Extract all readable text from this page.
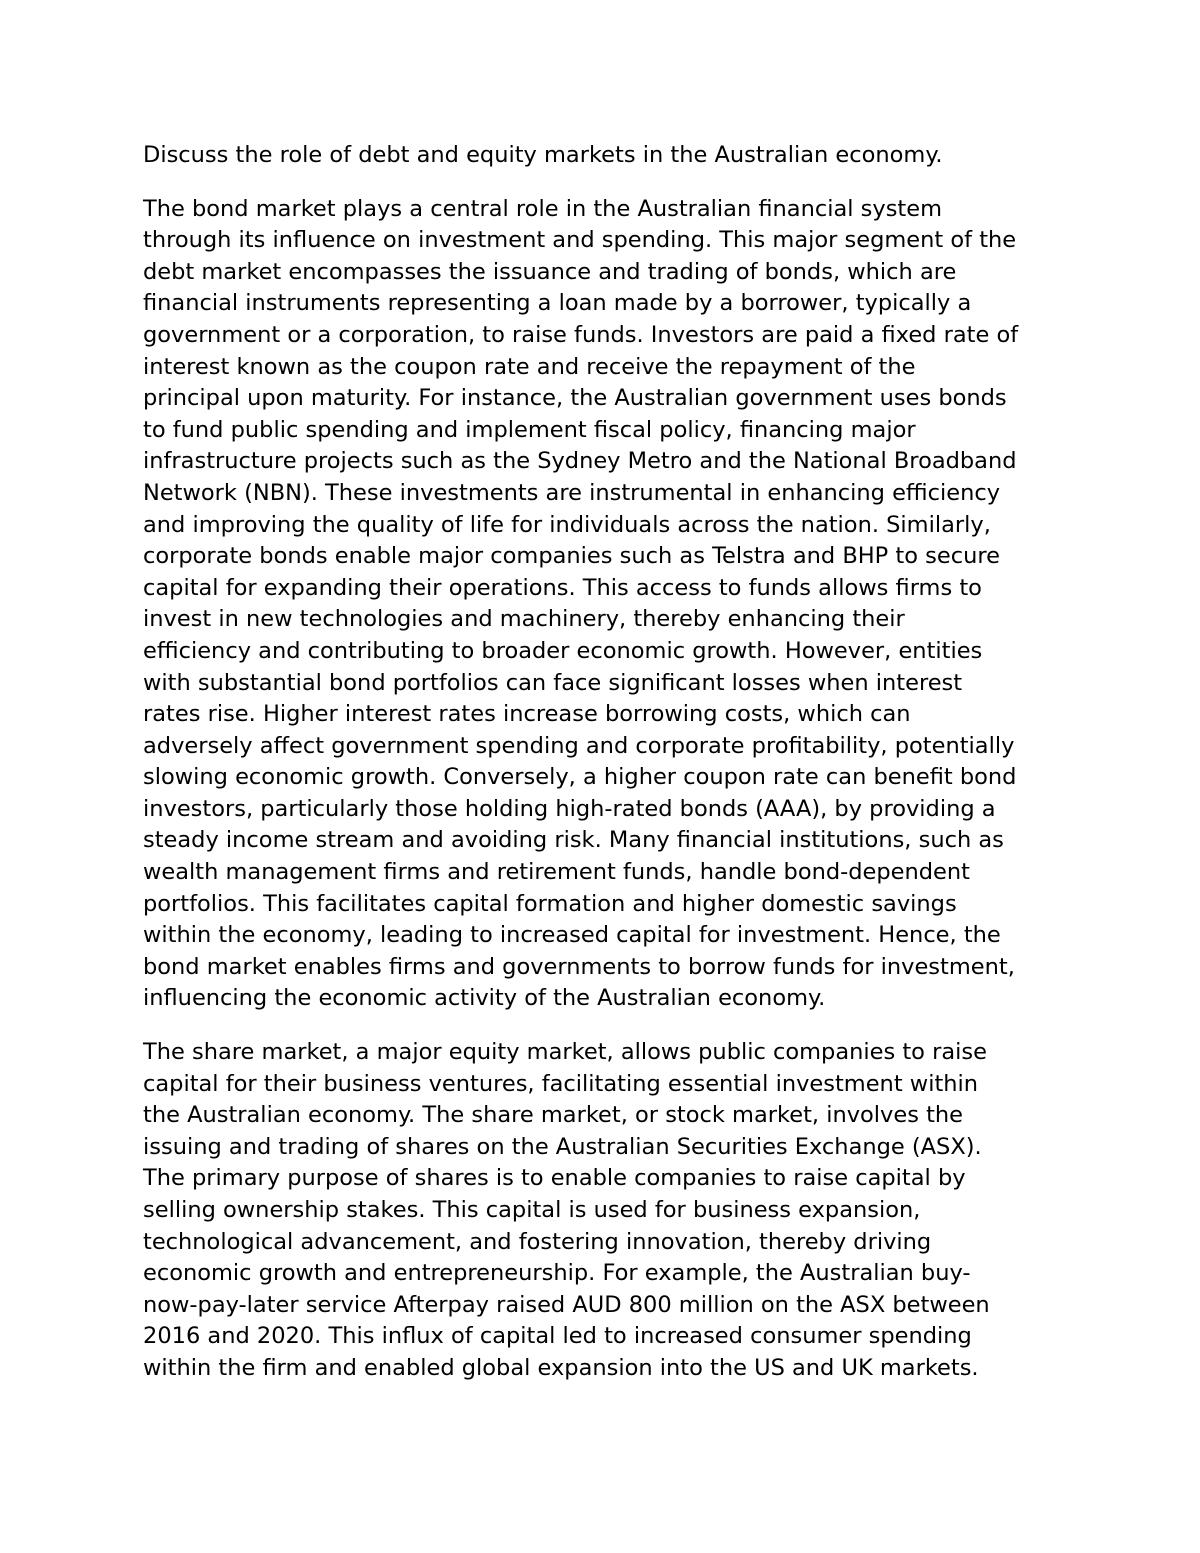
Discuss the role of debt and equity markets in the Australian economy.

The bond market plays a central role in the Australian financial system
through its influence on investment and spending. This major segment of the
debt market encompasses the issuance and trading of bonds, which are
financial instruments representing a loan made by a borrower, typically a
government or a corporation, to raise funds. Investors are paid a fixed rate of
interest known as the coupon rate and receive the repayment of the
principal upon maturity. For instance, the Australian government uses bonds
to fund public spending and implement fiscal policy, financing major
infrastructure projects such as the Sydney Metro and the National Broadband
Network (NBN). These investments are instrumental in enhancing efficiency
and improving the quality of life for individuals across the nation. Similarly,
corporate bonds enable major companies such as Telstra and BHP to secure
capital for expanding their operations. This access to funds allows firms to
invest in new technologies and machinery, thereby enhancing their
efficiency and contributing to broader economic growth. However, entities
with substantial bond portfolios can face significant losses when interest
rates rise. Higher interest rates increase borrowing costs, which can
adversely affect government spending and corporate profitability, potentially
slowing economic growth. Conversely, a higher coupon rate can benefit bond
investors, particularly those holding high-rated bonds (AAA), by providing a
steady income stream and avoiding risk. Many financial institutions, such as
wealth management firms and retirement funds, handle bond-dependent
portfolios. This facilitates capital formation and higher domestic savings
within the economy, leading to increased capital for investment. Hence, the
bond market enables firms and governments to borrow funds for investment,
influencing the economic activity of the Australian economy.

The share market, a major equity market, allows public companies to raise
capital for their business ventures, facilitating essential investment within
the Australian economy. The share market, or stock market, involves the
issuing and trading of shares on the Australian Securities Exchange (ASX).
The primary purpose of shares is to enable companies to raise capital by
selling ownership stakes. This capital is used for business expansion,
technological advancement, and fostering innovation, thereby driving
economic growth and entrepreneurship. For example, the Australian buy-
now-pay-later service Afterpay raised AUD 800 million on the ASX between
2016 and 2020. This influx of capital led to increased consumer spending
within the firm and enabled global expansion into the US and UK markets.
